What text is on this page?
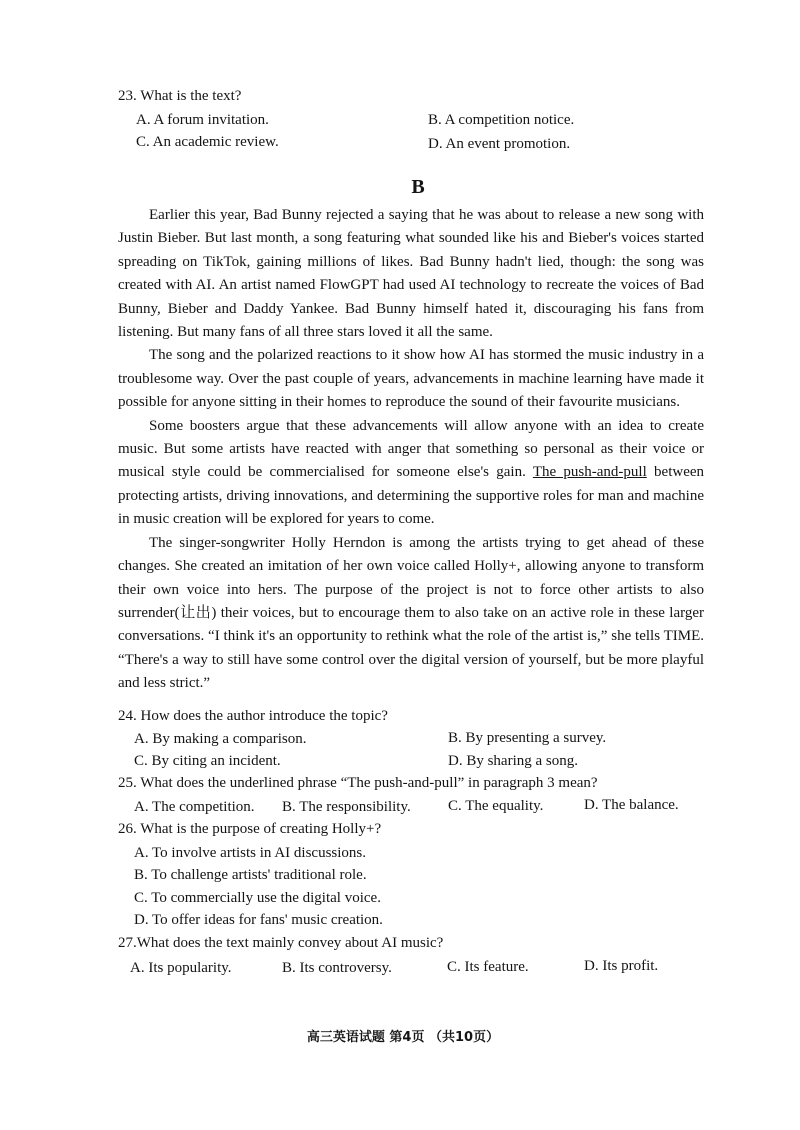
23. What is the text?
A. A forum invitation.	B. A competition notice.
C. An academic review.	D. An event promotion.
B

Earlier this year, Bad Bunny rejected a saying that he was about to release a new song with Justin Bieber. But last month, a song featuring what sounded like his and Bieber's voices started spreading on TikTok, gaining millions of likes. Bad Bunny hadn't lied, though: the song was created with AI. An artist named FlowGPT had used AI technology to recreate the voices of Bad Bunny, Bieber and Daddy Yankee. Bad Bunny himself hated it, discouraging his fans from listening. But many fans of all three stars loved it all the same.

The song and the polarized reactions to it show how AI has stormed the music industry in a troublesome way. Over the past couple of years, advancements in machine learning have made it possible for anyone sitting in their homes to reproduce the sound of their favourite musicians.

Some boosters argue that these advancements will allow anyone with an idea to create music. But some artists have reacted with anger that something so personal as their voice or musical style could be commercialised for someone else's gain. The push-and-pull between protecting artists, driving innovations, and determining the supportive roles for man and machine in music creation will be explored for years to come.

The singer-songwriter Holly Herndon is among the artists trying to get ahead of these changes. She created an imitation of her own voice called Holly+, allowing anyone to transform their own voice into hers. The purpose of the project is not to force other artists to also surrender(让出) their voices, but to encourage them to also take on an active role in these larger conversations. “I think it's an opportunity to rethink what the role of the artist is,” she tells TIME. “There's a way to still have some control over the digital version of yourself, but be more playful and less strict.”

24. How does the author introduce the topic?
A. By making a comparison.	B. By presenting a survey.
C. By citing an incident.	D. By sharing a song.
25. What does the underlined phrase “The push-and-pull” in paragraph 3 mean?
A. The competition. B. The responsibility. C. The equality.	D. The balance.
26. What is the purpose of creating Holly+?
A. To involve artists in AI discussions.
B. To challenge artists' traditional role.
C. To commercially use the digital voice.
D. To offer ideas for fans' music creation.
27.What does the text mainly convey about AI music?
A. Its popularity.	B. Its controversy.	C. Its feature.	D. Its profit.
高三英语试题 第4页 （共10页）
